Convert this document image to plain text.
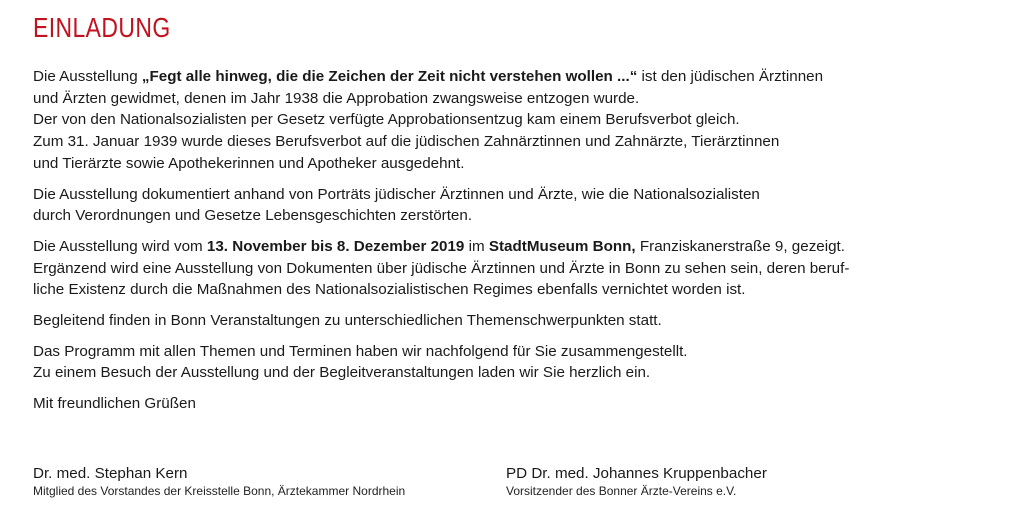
EINLADUNG

Die Ausstellung „Fegt alle hinweg, die die Zeichen der Zeit nicht verstehen wollen ...“ ist den jüdischen Ärztinnen
und Ärzten gewidmet, denen im Jahr 1938 die Approbation zwangsweise entzogen wurde.
Der von den Nationalsozialisten per Gesetz verfügte Approbationsentzug kam einem Berufsverbot gleich.
Zum 31. Januar 1939 wurde dieses Berufsverbot auf die jüdischen Zahnärztinnen und Zahnärzte, Tierärztinnen
und Tierärzte sowie Apothekerinnen und Apotheker ausgedehnt.

Die Ausstellung dokumentiert anhand von Porträts jüdischer Ärztinnen und Ärzte, wie die Nationalsozialisten
durch Verordnungen und Gesetze Lebensgeschichten zerstörten.

Die Ausstellung wird vom 13. November bis 8. Dezember 2019 im StadtMuseum Bonn, Franziskanerstraße 9, gezeigt.
Ergänzend wird eine Ausstellung von Dokumenten über jüdische Ärztinnen und Ärzte in Bonn zu sehen sein, deren beruf-
liche Existenz durch die Maßnahmen des Nationalsozialistischen Regimes ebenfalls vernichtet worden ist.

Begleitend finden in Bonn Veranstaltungen zu unterschiedlichen Themenschwerpunkten statt.

Das Programm mit allen Themen und Terminen haben wir nachfolgend für Sie zusammengestellt.
Zu einem Besuch der Ausstellung und der Begleitveranstaltungen laden wir Sie herzlich ein.

Mit freundlichen Grüßen

Dr. med. Stephan Kern
Mitglied des Vorstandes der Kreisstelle Bonn, Ärztekammer Nordrhein
PD Dr. med. Johannes Kruppenbacher
Vorsitzender des Bonner Ärzte-Vereins e.V.
